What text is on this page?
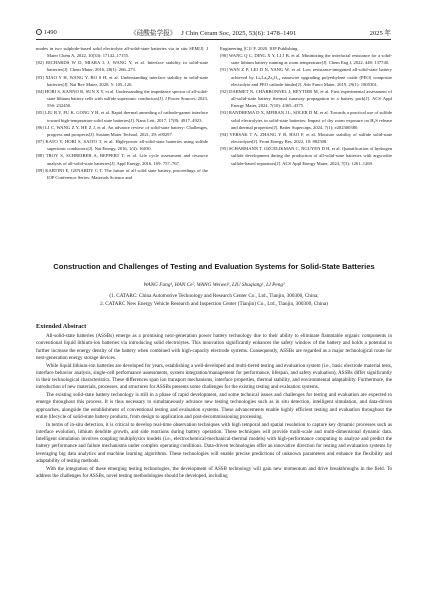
• 1490	《硅酸盐学报》 J Chin Ceram Soc, 2025, 53(6): 1478–1491	2025 年
modes in two sulphide-based solid electrolyte all-solid-state batteries via in situ SEM[J]. J Mater Chem A, 2022, 10(33): 17142–17155.
[82] RICHARDS W D, MIARA L J, WANG Y, et al. Interface stability in solid-state batteries[J]. Chem Mater, 2016, 28(1): 266–273.
[83] XIAO Y H, WANG Y, BO S H, et al. Understanding interface stability in solid-state batteries[J]. Nat Rev Mater, 2020, 5: 105–126.
[84] HORI S, KANNO R, SUN X Y, et al. Understanding the impedance spectra of all-solid-state lithium battery cells with sulfide superionic conductors[J]. J Power Sources, 2023, 556: 232450.
[85] LIU B Y, FU K, GONG Y H, et al. Rapid thermal annealing of cathode-garnet interface toward high-temperature solid state batteries[J]. Nano Lett, 2017, 17(8): 4917–4923.
[86] LI C, WANG Z Y, HE Z J, et al. An advance review of solid-state battery: Challenges, progress and prospects[J]. Sustain Mater Technol, 2021, 29: e00297.
[87] KATO Y, HORI S, SAITO T, et al. High-power all-solid-state batteries using sulfide superionic conductors[J]. Nat Energy, 2016, 1(4): 16030.
[88] TROY S, SCHREIBER A, REPPERT T, et al. Life cycle assessment and resource analysis of all-solid-state batteries[J]. Appl Energy, 2016, 169: 757–767.
[89] KARTINI E, GENARDY C T. The future of all solid state battery, proceedings of the IOP Conference Series: Materials Science and
Engineering [C]// F, 2020. IOP Publishing.
[90] WANG Q C, DING X Y, LI J B, et al. Minimizing the interfacial resistance for a solid-state lithium battery running at room temperature[J]. Chem Eng J, 2022, 448: 137740.
[91] WAN Z P, LEI D N, YANG W, et al. Low resistance-integrated all-solid-state battery achieved by Li₇La₃Zr₂O₁₂ nanowire upgrading polyethylene oxide (PEO) composite electrolyte and PEO cathode binder[J]. Adv Funct Mater, 2019, 29(1): 1805301.
[92] DARMET N, CHARBONNEL J, REYTIER M, et al. First experimental assessment of all-solid-state battery thermal runaway propagation in a battery pack[J]. ACS Appl Energy Mater, 2024, 7(10): 4365–4375.
[93] RANDREMA D X, MFIBAN I L, SOLER D M, et al. Towards a practical use of sulfide solid electrolytes in solid-state batteries: Impact of dry room exposure on H₂S release and thermal properties[J]. Batter Supercaps, 2024, 7(1): e202300380.
[94] YERSAK T A, ZHANG Y B, HAO F, et al. Moisture stability of sulfide solid-state electrolytes[J]. Front Energy Res, 2022, 10: 882508.
[95] SCHARMANN T, OZCELIKMAN C, NGUYEN D H, et al. Quantification of hydrogen sulfide development during the production of all-solid-state batteries with argyrodite sulfide-based separators[J]. ACS Appl Energy Mater, 2024, 7(3): 1261–1269.
Construction and Challenges of Testing and Evaluation Systems for Solid-State Batteries
WANG Fang¹, HAN Ce², WANG Weiwei², LIU Shuqiang¹, LI Peng²
(1. CATARC: China Automotive Technology and Research Center Co., Ltd., Tianjin, 300300, China;
2. CATARC New Energy Vehicle Research and Inspection Center (Tianjin) Co., Ltd., Tianjin, 300300, China)
Extended Abstract

All-solid-state batteries (ASSBs) emerge as a promising next-generation power battery technology due to their ability to eliminate flammable organic components in conventional liquid lithium-ion batteries via introducing solid electrolytes. This innovation significantly enhances the safety window of the battery and holds a potential to further increase the energy density of the battery when combined with high-capacity electrode systems. Consequently, ASSBs are regarded as a major technological route for next-generation energy storage devices.

While liquid lithium-ion batteries are developed for years, establishing a well-developed and multi-tiered testing and evaluation system (i.e., basic electrode material tests, interface behavior analysis, single-cell performance assessments, system integration/management for performance, lifespan, and safety evaluation), ASSBs differ significantly in their technological characteristics. These differences span ion transport mechanisms, interface properties, thermal stability, and environmental adaptability. Furthermore, the introduction of new materials, processes, and structures for ASSBs presents some challenges for the existing testing and evaluation systems.

The existing solid-state battery technology is still in a phase of rapid development, and some technical issues and challenges for testing and evaluation are expected to emerge throughout this process. It is thus necessary to simultaneously advance new testing technologies such as in situ detection, intelligent simulation, and data-driven approaches, alongside the establishment of conventional testing and evaluation systems. These advancements enable highly efficient testing and evaluation throughout the entire lifecycle of solid-state battery products, from design to application and post-decommissioning processing.

In terms of in-situ detection, it is critical to develop real-time observation techniques with high temporal and spatial resolution to capture key dynamic processes such as interface evolution, lithium dendrite growth, and side reactions during battery operation. These techniques will provide multi-scale and multi-dimensional dynamic data. Intelligent simulation involves coupling multiphysics models (i.e., electrochemical-mechanical-thermal models) with high-performance computing to analyze and predict the battery performance and failure mechanisms under complex operating conditions. Data-driven technologies offer an innovative direction for testing and evaluation systems by leveraging big data analytics and machine learning algorithms. These technologies will enable precise predictions of unknown parameters and enhance the flexibility and adaptability of testing methods.

With the integration of these emerging testing technologies, the development of ASSB technology will gain new momentum and drive breakthroughs in the field. To address the challenges for ASSBs, novel testing methodologies should be developed, including
